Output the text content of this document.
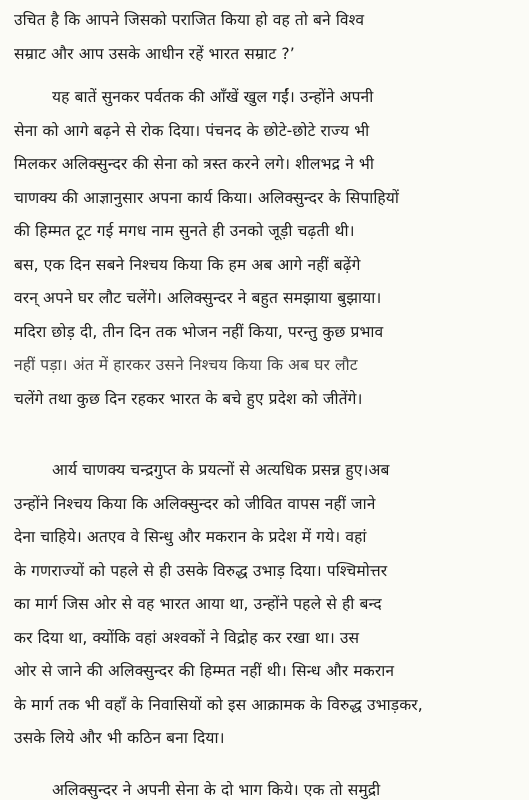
उचित है कि आपने जिसको पराजित किया हो वह तो बने विश्व
सम्राट और आप उसके आधीन रहें भारत सम्राट ?’
यह बातें सुनकर पर्वतक की आँखें खुल गईं। उन्होंने अपनी
सेना को आगे बढ़ने से रोक दिया। पंचनद के छोटे-छोटे राज्य भी
मिलकर अलिक्सुन्दर की सेना को त्रस्त करने लगे। शीलभद्र ने भी
चाणक्य की आज्ञानुसार अपना कार्य किया। अलिक्सुन्दर के सिपाहियों
की हिम्मत टूट गई मगध नाम सुनते ही उनको जूड़ी चढ़ती थी।
बस, एक दिन सबने निश्चय किया कि हम अब आगे नहीं बढ़ेंगे
वरन् अपने घर लौट चलेंगे। अलिक्सुन्दर ने बहुत समझाया बुझाया।
मदिरा छोड़ दी, तीन दिन तक भोजन नहीं किया, परन्तु कुछ प्रभाव
नहीं पड़ा। अंत में हारकर उसने निश्चय किया कि अब घर लौट
चलेंगे तथा कुछ दिन रहकर भारत के बचे हुए प्रदेश को जीतेंगे।
आर्य चाणक्य चन्द्रगुप्त के प्रयत्नों से अत्यधिक प्रसन्न हुए।अब
उन्होंने निश्चय किया कि अलिक्सुन्दर को जीवित वापस नहीं जाने
देना चाहिये। अतएव वे सिन्धु और मकरान के प्रदेश में गये। वहां
के गणराज्यों को पहले से ही उसके विरुद्ध उभाड़ दिया। पश्चिमोत्तर
का मार्ग जिस ओर से वह भारत आया था, उन्होंने पहले से ही बन्द
कर दिया था, क्योंकि वहां अश्वकों ने विद्रोह कर रखा था। उस
ओर से जाने की अलिक्सुन्दर की हिम्मत नहीं थी। सिन्ध और मकरान
के मार्ग तक भी वहाँ के निवासियों को इस आक्रामक के विरुद्ध उभाड़कर,
उसके लिये और भी कठिन बना दिया।
अलिक्सुन्दर ने अपनी सेना के दो भाग किये। एक तो समुद्री
